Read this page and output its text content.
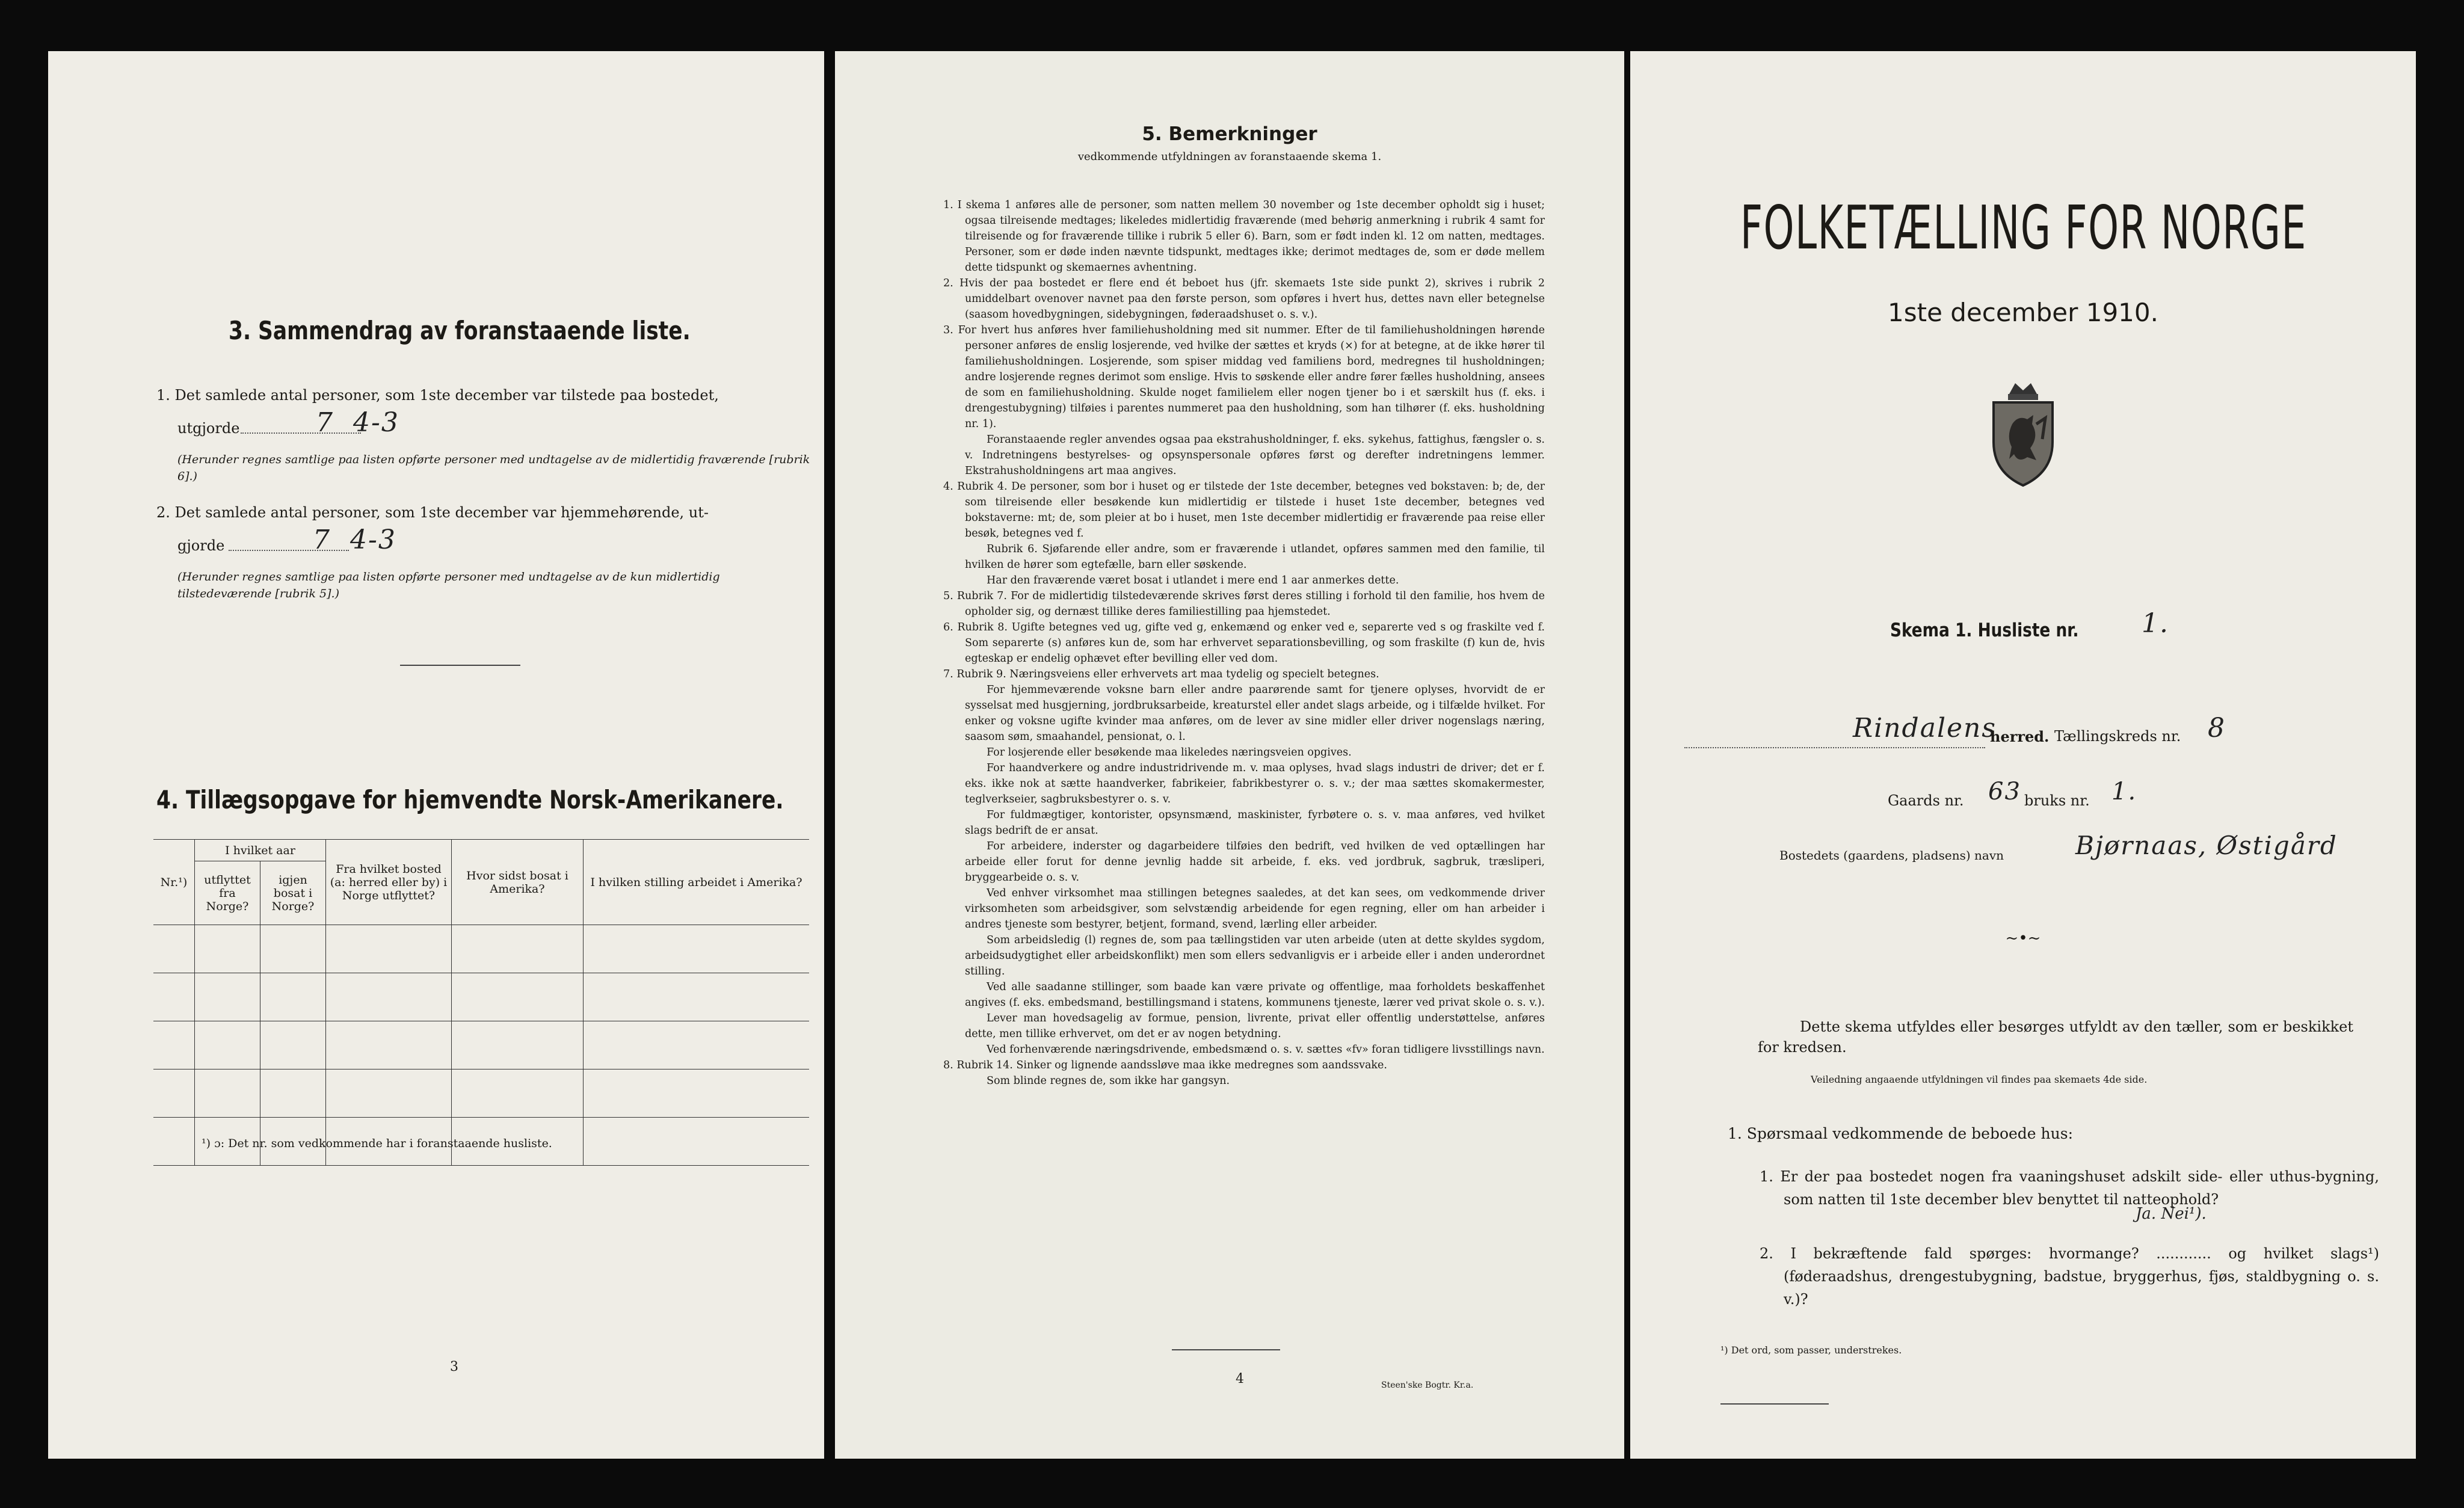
3. Sammendrag av foranstaaende liste.
1. Det samlede antal personer, som 1ste december var tilstede paa bostedet,
utgjorde	7  4-3
(Herunder regnes samtlige paa listen opførte personer med undtagelse av de midlertidig fraværende [rubrik 6].)
2. Det samlede antal personer, som 1ste december var hjemmehørende, ut-
gjorde	7  4-3
(Herunder regnes samtlige paa listen opførte personer med undtagelse av de kun midlertidig tilstedeværende [rubrik 5].)
4. Tillægsopgave for hjemvendte Norsk-Amerikanere.
Nr.¹)	I hvilket aar		Fra hvilket bosted (a: herred eller by) i Norge utflyttet?	Hvor sidst bosat i Amerika?	I hvilken stilling arbeidet i Amerika?
	utflyttet fra Norge?	igjen bosat i Norge?			

¹) ɔ: Det nr. som vedkommende har i foranstaaende husliste.
3
5. Bemerkninger
vedkommende utfyldningen av foranstaaende skema 1.

1. I skema 1 anføres alle de personer, som natten mellem 30 november og 1ste december opholdt sig i huset; ogsaa tilreisende medtages; likeledes midlertidig fraværende (med behørig anmerkning i rubrik 4 samt for tilreisende og for fraværende tillike i rubrik 5 eller 6). Barn, som er født inden kl. 12 om natten, medtages. Personer, som er døde inden nævnte tidspunkt, medtages ikke; derimot medtages de, som er døde mellem dette tidspunkt og skemaernes avhentning.

2. Hvis der paa bostedet er flere end ét beboet hus (jfr. skemaets 1ste side punkt 2), skrives i rubrik 2 umiddelbart ovenover navnet paa den første person, som opføres i hvert hus, dettes navn eller betegnelse (saasom hovedbygningen, sidebygningen, føderaadshuset o. s. v.).

3. For hvert hus anføres hver familiehusholdning med sit nummer. Efter de til familiehusholdningen hørende personer anføres de enslig losjerende, ved hvilke der sættes et kryds (×) for at betegne, at de ikke hører til familiehusholdningen. Losjerende, som spiser middag ved familiens bord, medregnes til husholdningen; andre losjerende regnes derimot som enslige. Hvis to søskende eller andre fører fælles husholdning, ansees de som en familiehusholdning. Skulde noget familielem eller nogen tjener bo i et særskilt hus (f. eks. i drengestubygning) tilføies i parentes nummeret paa den husholdning, som han tilhører (f. eks. husholdning nr. 1).

Foranstaaende regler anvendes ogsaa paa ekstrahusholdninger, f. eks. sykehus, fattighus, fængsler o. s. v. Indretningens bestyrelses- og opsynspersonale opføres først og derefter indretningens lemmer. Ekstrahusholdningens art maa angives.

4. Rubrik 4. De personer, som bor i huset og er tilstede der 1ste december, betegnes ved bokstaven: b; de, der som tilreisende eller besøkende kun midlertidig er tilstede i huset 1ste december, betegnes ved bokstaverne: mt; de, som pleier at bo i huset, men 1ste december midlertidig er fraværende paa reise eller besøk, betegnes ved f.

Rubrik 6. Sjøfarende eller andre, som er fraværende i utlandet, opføres sammen med den familie, til hvilken de hører som egtefælle, barn eller søskende.

Har den fraværende været bosat i utlandet i mere end 1 aar anmerkes dette.

5. Rubrik 7. For de midlertidig tilstedeværende skrives først deres stilling i forhold til den familie, hos hvem de opholder sig, og dernæst tillike deres familiestilling paa hjemstedet.

6. Rubrik 8. Ugifte betegnes ved ug, gifte ved g, enkemænd og enker ved e, separerte ved s og fraskilte ved f. Som separerte (s) anføres kun de, som har erhvervet separationsbevilling, og som fraskilte (f) kun de, hvis egteskap er endelig ophævet efter bevilling eller ved dom.

7. Rubrik 9. Næringsveiens eller erhvervets art maa tydelig og specielt betegnes.

For hjemmeværende voksne barn eller andre paarørende samt for tjenere oplyses, hvorvidt de er sysselsat med husgjerning, jordbruksarbeide, kreaturstel eller andet slags arbeide, og i tilfælde hvilket. For enker og voksne ugifte kvinder maa anføres, om de lever av sine midler eller driver nogenslags næring, saasom søm, smaahandel, pensionat, o. l.

For losjerende eller besøkende maa likeledes næringsveien opgives.

For haandverkere og andre industridrivende m. v. maa oplyses, hvad slags industri de driver; det er f. eks. ikke nok at sætte haandverker, fabrikeier, fabrikbestyrer o. s. v.; der maa sættes skomakermester, teglverkseier, sagbruksbestyrer o. s. v.

For fuldmægtiger, kontorister, opsynsmænd, maskinister, fyrbøtere o. s. v. maa anføres, ved hvilket slags bedrift de er ansat.

For arbeidere, inderster og dagarbeidere tilføies den bedrift, ved hvilken de ved optællingen har arbeide eller forut for denne jevnlig hadde sit arbeide, f. eks. ved jordbruk, sagbruk, træsliperi, bryggearbeide o. s. v.

Ved enhver virksomhet maa stillingen betegnes saaledes, at det kan sees, om vedkommende driver virksomheten som arbeidsgiver, som selvstændig arbeidende for egen regning, eller om han arbeider i andres tjeneste som bestyrer, betjent, formand, svend, lærling eller arbeider.

Som arbeidsledig (l) regnes de, som paa tællingstiden var uten arbeide (uten at dette skyldes sygdom, arbeidsudygtighet eller arbeidskonflikt) men som ellers sedvanligvis er i arbeide eller i anden underordnet stilling.

Ved alle saadanne stillinger, som baade kan være private og offentlige, maa forholdets beskaffenhet angives (f. eks. embedsmand, bestillingsmand i statens, kommunens tjeneste, lærer ved privat skole o. s. v.).

Lever man hovedsagelig av formue, pension, livrente, privat eller offentlig understøttelse, anføres dette, men tillike erhvervet, om det er av nogen betydning.

Ved forhenværende næringsdrivende, embedsmænd o. s. v. sættes «fv» foran tidligere livsstillings navn.

8. Rubrik 14. Sinker og lignende aandssløve maa ikke medregnes som aandssvake.

Som blinde regnes de, som ikke har gangsyn.

4	Steen'ske Bogtr. Kr.a.
FOLKETÆLLING FOR NORGE
1ste december 1910.
Skema 1. Husliste nr. 1.
Rindalens
herred. Tællingskreds nr. 8
Gaards nr. 63 bruks nr. 1.
Bostedets (gaardens, pladsens) navn	Bjørnaas, Østigård
~•~
Dette skema utfyldes eller besørges utfyldt av den tæller, som er beskikket for kredsen.
Veiledning angaaende utfyldningen vil findes paa skemaets 4de side.
1. Spørsmaal vedkommende de beboede hus:
1. Er der paa bostedet nogen fra vaaningshuset adskilt side- eller uthus-bygning, som natten til 1ste december blev benyttet til natteophold?
Ja. Nei¹).
2. I bekræftende fald spørges: hvormange? ............ og hvilket slags¹) (føderaadshus, drengestubygning, badstue, bryggerhus, fjøs, staldbygning o. s. v.)?
¹) Det ord, som passer, understrekes.
